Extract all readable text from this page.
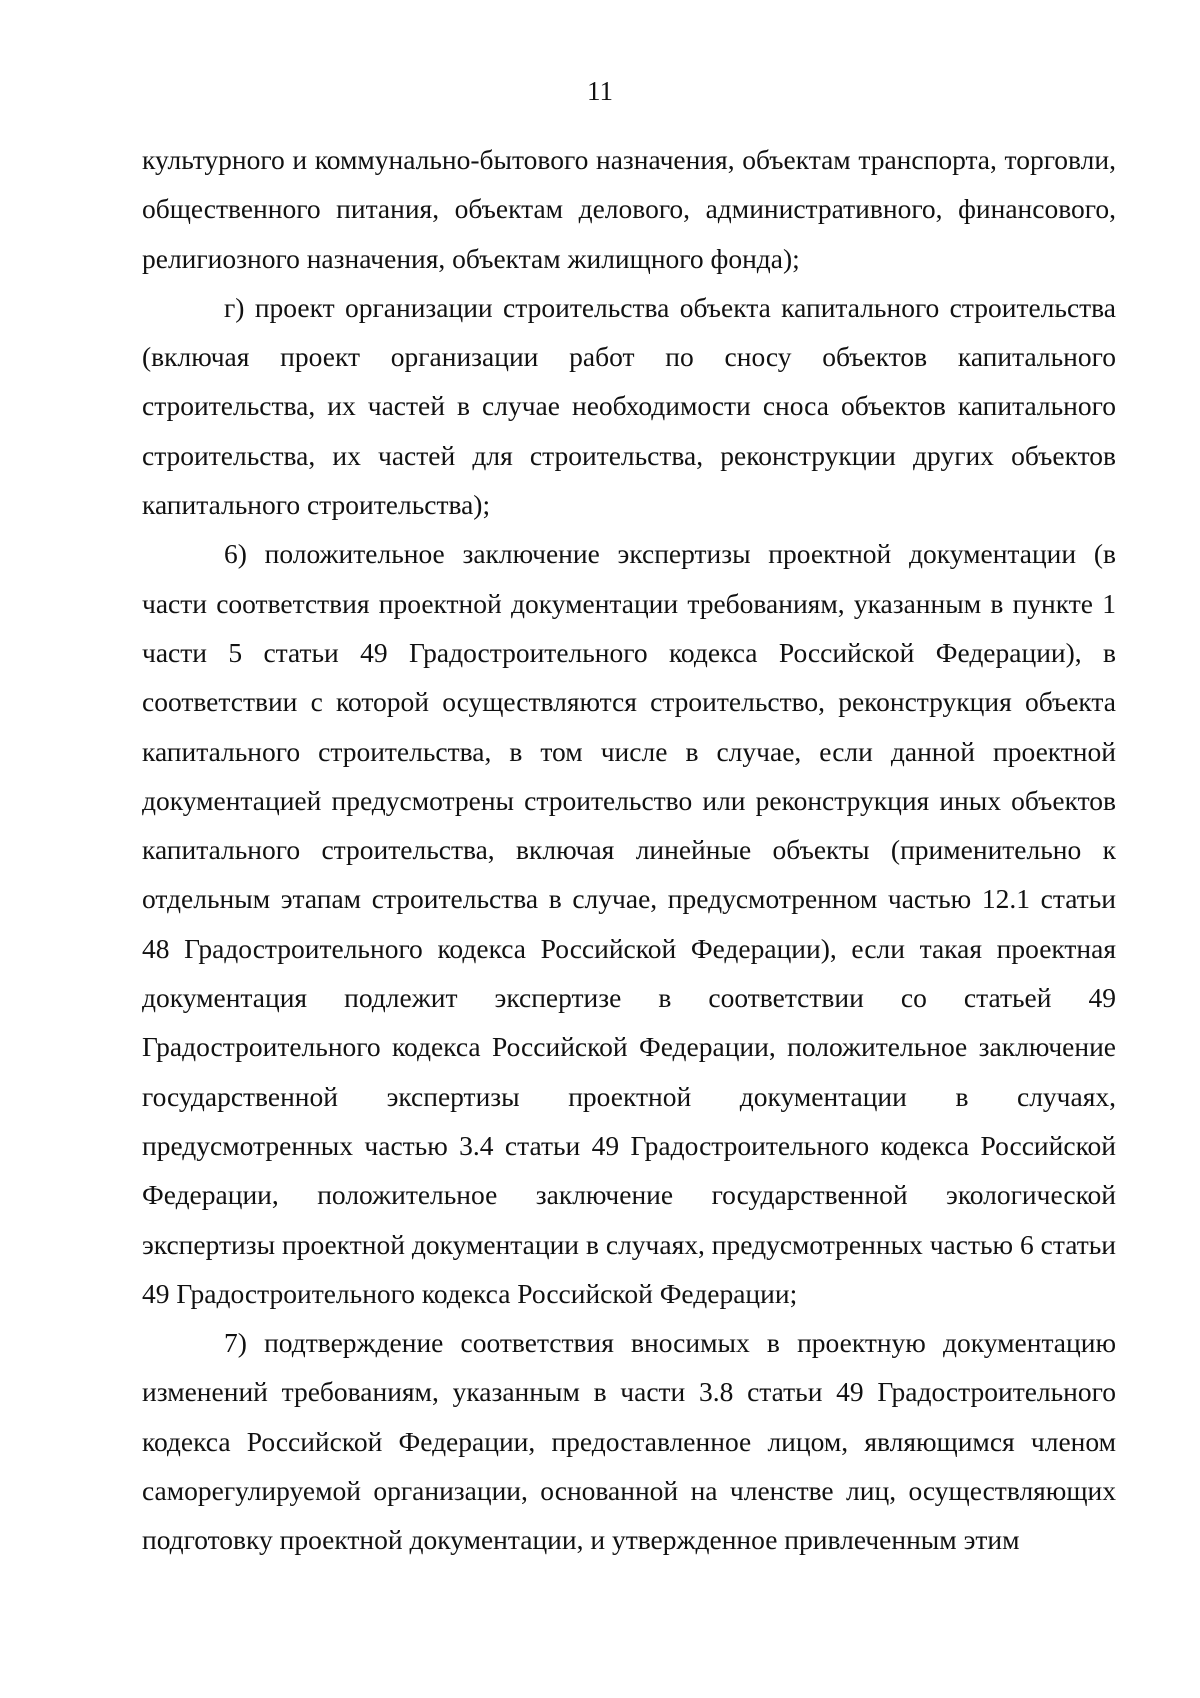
11

культурного и коммунально-бытового назначения, объектам транспорта, торговли, общественного питания, объектам делового, административного, финансового, религиозного назначения, объектам жилищного фонда);

г) проект организации строительства объекта капитального строительства (включая проект организации работ по сносу объектов капитального строительства, их частей в случае необходимости сноса объектов капитального строительства, их частей для строительства, реконструкции других объектов капитального строительства);

6) положительное заключение экспертизы проектной документации (в части соответствия проектной документации требованиям, указанным в пункте 1 части 5 статьи 49 Градостроительного кодекса Российской Федерации), в соответствии с которой осуществляются строительство, реконструкция объекта капитального строительства, в том числе в случае, если данной проектной документацией предусмотрены строительство или реконструкция иных объектов капитального строительства, включая линейные объекты (применительно к отдельным этапам строительства в случае, предусмотренном частью 12.1 статьи 48 Градостроительного кодекса Российской Федерации), если такая проектная документация подлежит экспертизе в соответствии со статьей 49 Градостроительного кодекса Российской Федерации, положительное заключение государственной экспертизы проектной документации в случаях, предусмотренных частью 3.4 статьи 49 Градостроительного кодекса Российской Федерации, положительное заключение государственной экологической экспертизы проектной документации в случаях, предусмотренных частью 6 статьи 49 Градостроительного кодекса Российской Федерации;

7) подтверждение соответствия вносимых в проектную документацию изменений требованиям, указанным в части 3.8 статьи 49 Градостроительного кодекса Российской Федерации, предоставленное лицом, являющимся членом саморегулируемой организации, основанной на членстве лиц, осуществляющих подготовку проектной документации, и утвержденное привлеченным этим
